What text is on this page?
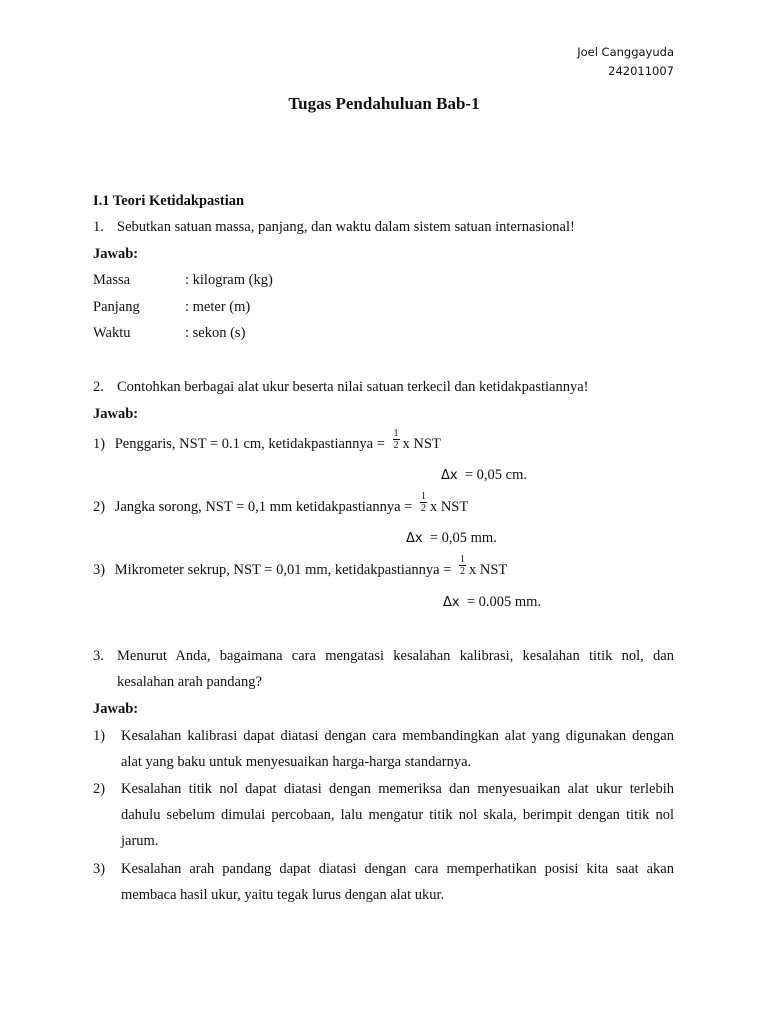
Joel Canggayuda
242011007
Tugas Pendahuluan Bab-1
I.1 Teori Ketidakpastian
1. Sebutkan satuan massa, panjang, dan waktu dalam sistem satuan internasional!
Jawab:
Massa	: kilogram (kg)
Panjang	: meter (m)
Waktu	: sekon (s)
2. Contohkan berbagai alat ukur beserta nilai satuan terkecil dan ketidakpastiannya!
Jawab:
1) Penggaris, NST = 0.1 cm, ketidakpastiannya = $\frac{1}{2}$ x NST
Δx = 0,05 cm.
2) Jangka sorong, NST = 0,1 mm ketidakpastiannya = $\frac{1}{2}$ x NST
Δx = 0,05 mm.
3) Mikrometer sekrup, NST = 0,01 mm, ketidakpastiannya = $\frac{1}{2}$ x NST
Δx = 0.005 mm.
3. Menurut Anda, bagaimana cara mengatasi kesalahan kalibrasi, kesalahan titik nol, dan kesalahan arah pandang?
Jawab:
1) Kesalahan kalibrasi dapat diatasi dengan cara membandingkan alat yang digunakan dengan alat yang baku untuk menyesuaikan harga-harga standarnya.
2) Kesalahan titik nol dapat diatasi dengan memeriksa dan menyesuaikan alat ukur terlebih dahulu sebelum dimulai percobaan, lalu mengatur titik nol skala, berimpit dengan titik nol jarum.
3) Kesalahan arah pandang dapat diatasi dengan cara memperhatikan posisi kita saat akan membaca hasil ukur, yaitu tegak lurus dengan alat ukur.
